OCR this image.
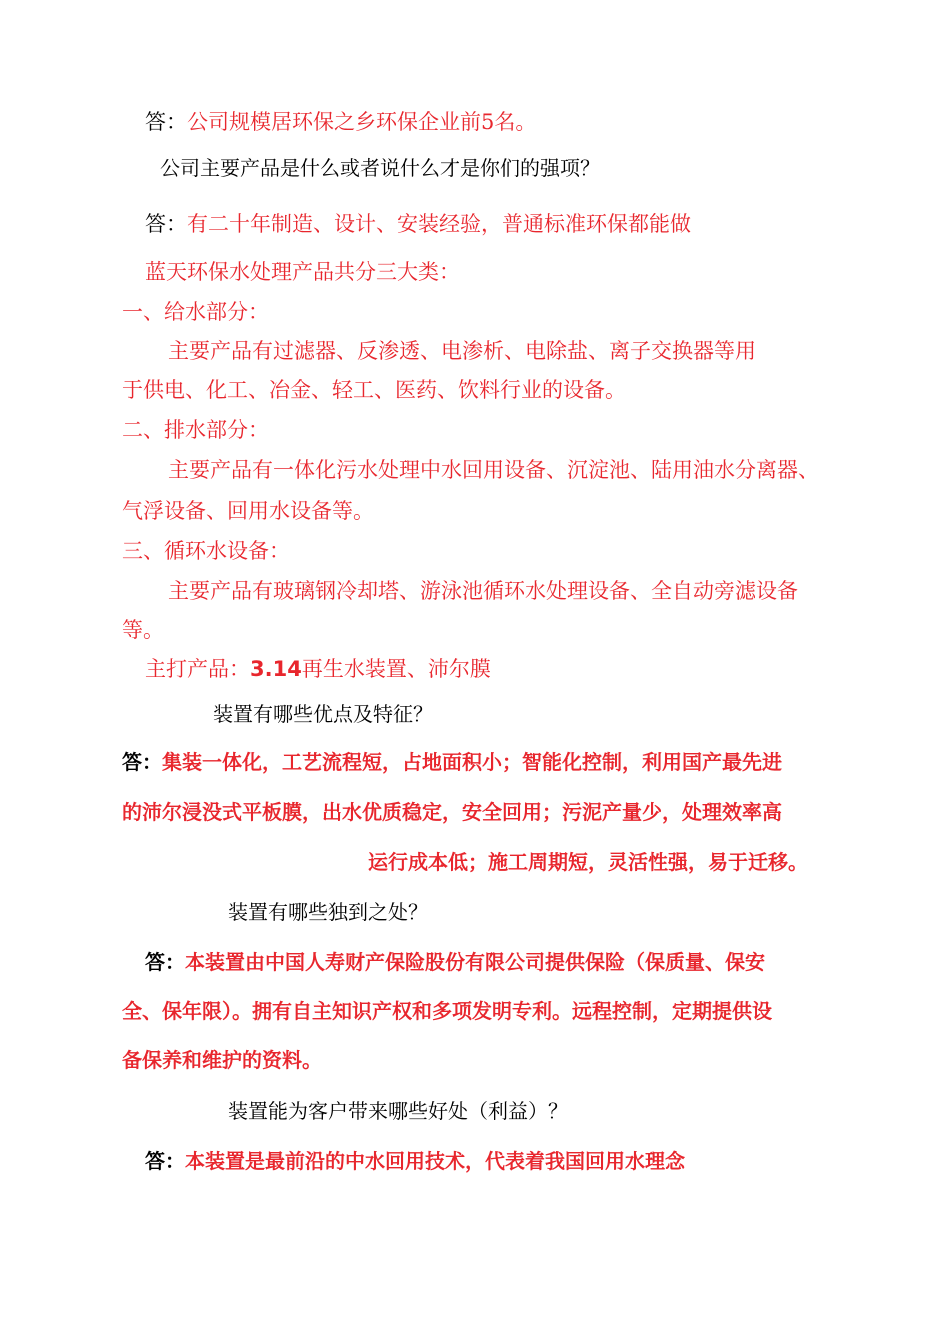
答：公司规模居环保之乡环保企业前5名。
公司主要产品是什么或者说什么才是你们的强项？
答：有二十年制造、设计、安装经验，普通标准环保都能做
蓝天环保水处理产品共分三大类：
一、给水部分：
主要产品有过滤器、反渗透、电渗析、电除盐、离子交换器等用
于供电、化工、冶金、轻工、医药、饮料行业的设备。
二、排水部分：
主要产品有一体化污水处理中水回用设备、沉淀池、陆用油水分离器、
气浮设备、回用水设备等。
三、循环水设备：
主要产品有玻璃钢冷却塔、游泳池循环水处理设备、全自动旁滤设备
等。
主打产品：3.14再生水装置、沛尔膜
装置有哪些优点及特征？
答：集装一体化，工艺流程短，占地面积小；智能化控制，利用国产最先进
的沛尔浸没式平板膜，出水优质稳定，安全回用；污泥产量少，处理效率高
运行成本低；施工周期短，灵活性强，易于迁移。
装置有哪些独到之处？
答：本装置由中国人寿财产保险股份有限公司提供保险（保质量、保安
全、保年限）。拥有自主知识产权和多项发明专利。远程控制，定期提供设
备保养和维护的资料。
装置能为客户带来哪些好处（利益）？
答：本装置是最前沿的中水回用技术，代表着我国回用水理念
